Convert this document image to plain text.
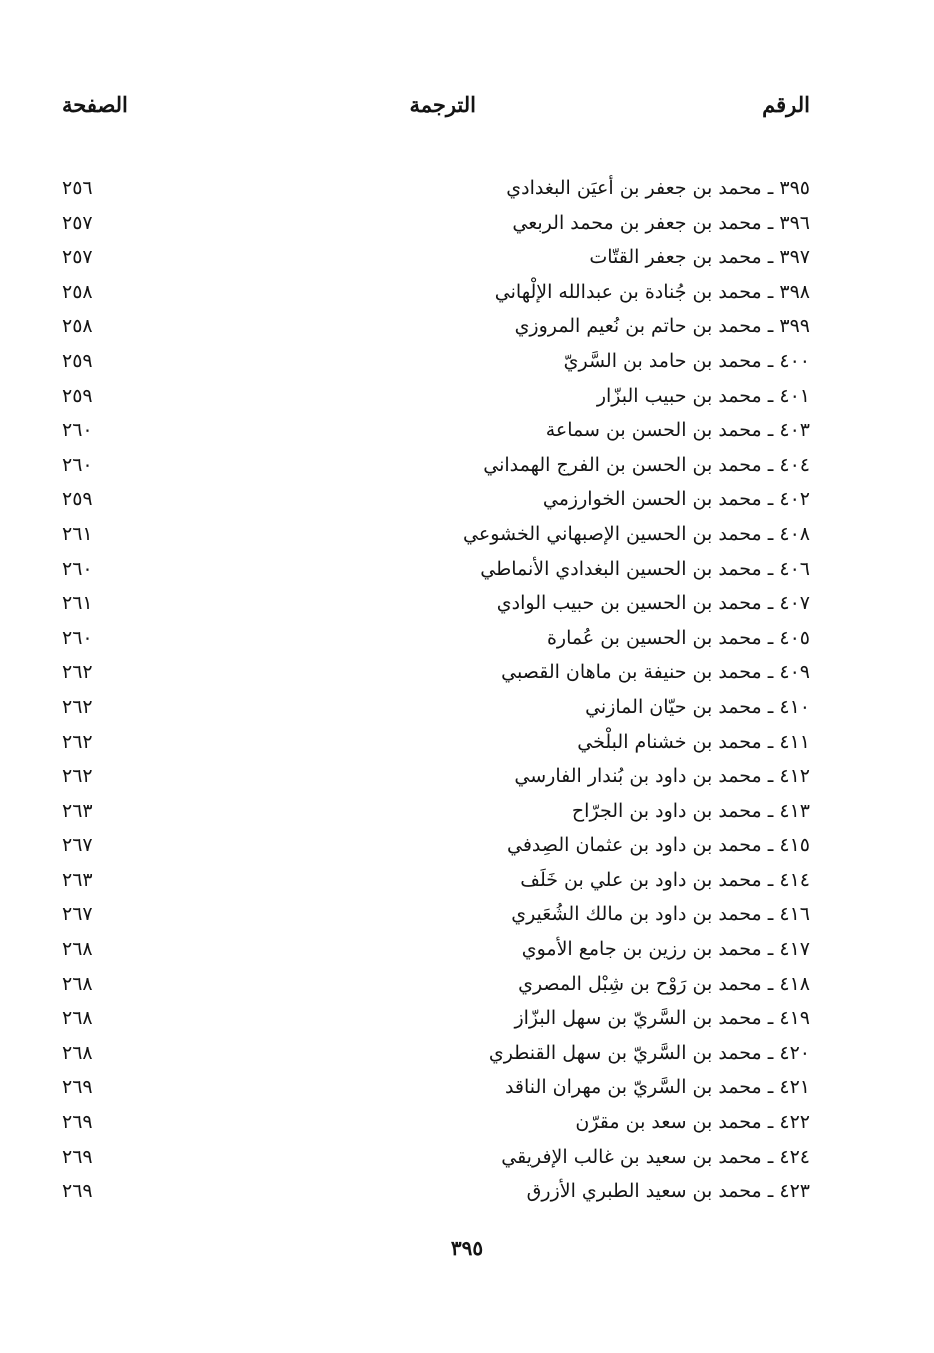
الرقم
الترجمة
الصفحة
٣٩٥ ـ محمد بن جعفر بن أعيَن البغدادي
٢٥٦
٣٩٦ ـ محمد بن جعفر بن محمد الربعي
٢٥٧
٣٩٧ ـ محمد بن جعفر القتّات
٢٥٧
٣٩٨ ـ محمد بن جُنادة بن عبدالله الإلْهاني
٢٥٨
٣٩٩ ـ محمد بن حاتم بن نُعيم المروزي
٢٥٨
٤٠٠ ـ محمد بن حامد بن السَّريّ
٢٥٩
٤٠١ ـ محمد بن حبيب البزّار
٢٥٩
٤٠٣ ـ محمد بن الحسن بن سماعة
٢٦٠
٤٠٤ ـ محمد بن الحسن بن الفرج الهمداني
٢٦٠
٤٠٢ ـ محمد بن الحسن الخوارزمي
٢٥٩
٤٠٨ ـ محمد بن الحسين الإصبهاني الخشوعي
٢٦١
٤٠٦ ـ محمد بن الحسين البغدادي الأنماطي
٢٦٠
٤٠٧ ـ محمد بن الحسين بن حبيب الوادي
٢٦١
٤٠٥ ـ محمد بن الحسين بن عُمارة
٢٦٠
٤٠٩ ـ محمد بن حنيفة بن ماهان القصبي
٢٦٢
٤١٠ ـ محمد بن حيّان المازني
٢٦٢
٤١١ ـ محمد بن خشنام البلْخي
٢٦٢
٤١٢ ـ محمد بن داود بن بُندار الفارسي
٢٦٢
٤١٣ ـ محمد بن داود بن الجرّاح
٢٦٣
٤١٥ ـ محمد بن داود بن عثمان الصِدفي
٢٦٧
٤١٤ ـ محمد بن داود بن علي بن خَلَف
٢٦٣
٤١٦ ـ محمد بن داود بن مالك الشُعَيري
٢٦٧
٤١٧ ـ محمد بن رزين بن جامع الأموي
٢٦٨
٤١٨ ـ محمد بن رَوْح بن شِبْل المصري
٢٦٨
٤١٩ ـ محمد بن السَّريّ بن سهل البزّاز
٢٦٨
٤٢٠ ـ محمد بن السَّريّ بن سهل القنطري
٢٦٨
٤٢١ ـ محمد بن السَّريّ بن مهران الناقد
٢٦٩
٤٢٢ ـ محمد بن سعد بن مقرّن
٢٦٩
٤٢٤ ـ محمد بن سعيد بن غالب الإفريقي
٢٦٩
٤٢٣ ـ محمد بن سعيد الطبري الأزرق
٢٦٩
٣٩٥
